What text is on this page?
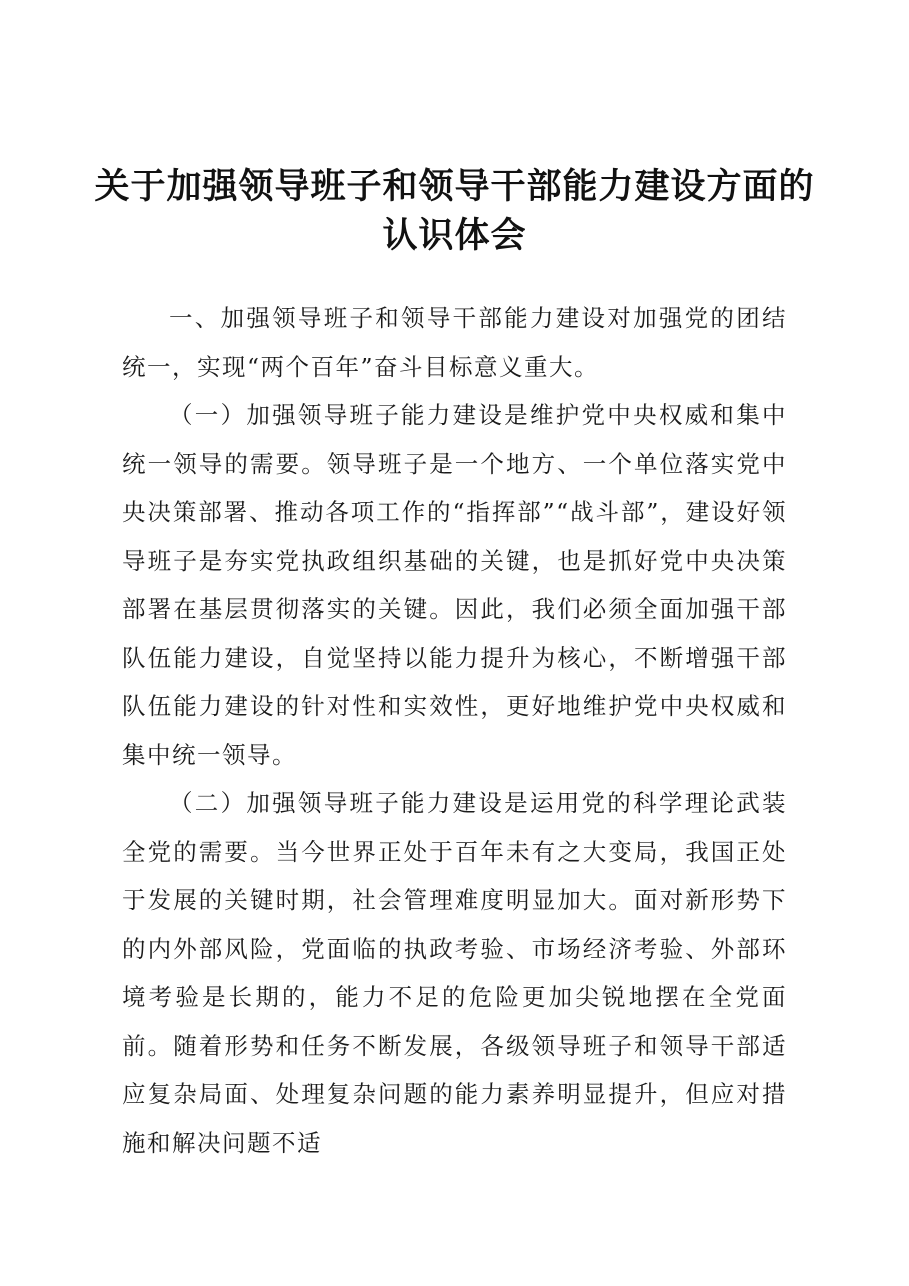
关于加强领导班子和领导干部能力建设方面的
认识体会

一、加强领导班子和领导干部能力建设对加强党的团结统一，实现“两个百年”奋斗目标意义重大。

（一）加强领导班子能力建设是维护党中央权威和集中统一领导的需要。领导班子是一个地方、一个单位落实党中央决策部署、推动各项工作的“指挥部”“战斗部”，建设好领导班子是夯实党执政组织基础的关键，也是抓好党中央决策部署在基层贯彻落实的关键。因此，我们必须全面加强干部队伍能力建设，自觉坚持以能力提升为核心，不断增强干部队伍能力建设的针对性和实效性，更好地维护党中央权威和集中统一领导。

（二）加强领导班子能力建设是运用党的科学理论武装全党的需要。当今世界正处于百年未有之大变局，我国正处于发展的关键时期，社会管理难度明显加大。面对新形势下的内外部风险，党面临的执政考验、市场经济考验、外部环境考验是长期的，能力不足的危险更加尖锐地摆在全党面前。随着形势和任务不断发展，各级领导班子和领导干部适应复杂局面、处理复杂问题的能力素养明显提升，但应对措施和解决问题不适
